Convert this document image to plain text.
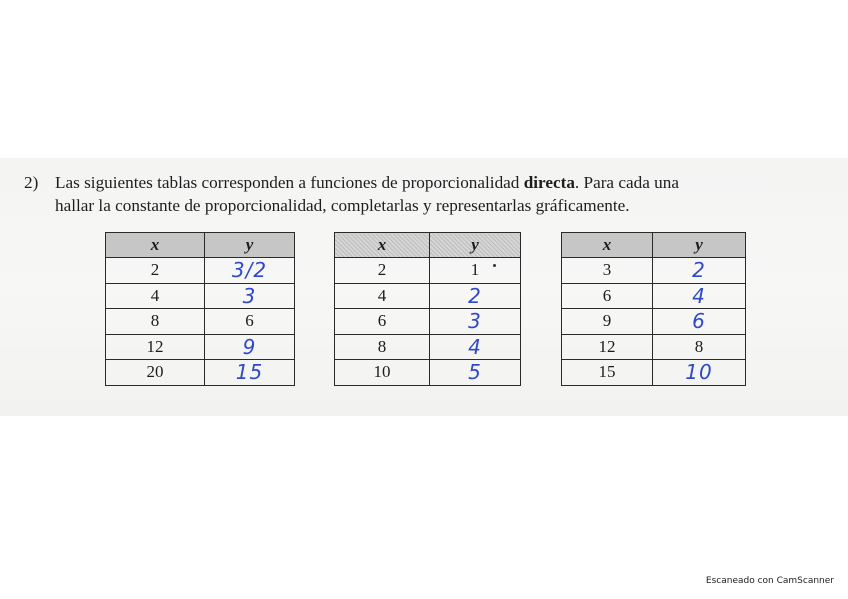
2) Las siguientes tablas corresponden a funciones de proporcionalidad directa. Para cada una
hallar la constante de proporcionalidad, completarlas y representarlas gráficamente.
x	y
2	3/2
4	3
8	6
12	9
20	15
x	y
2	1
4	2
6	3
8	4
10	5
x	y
3	2
6	4
9	6
12	8
15	10
Escaneado con CamScanner
